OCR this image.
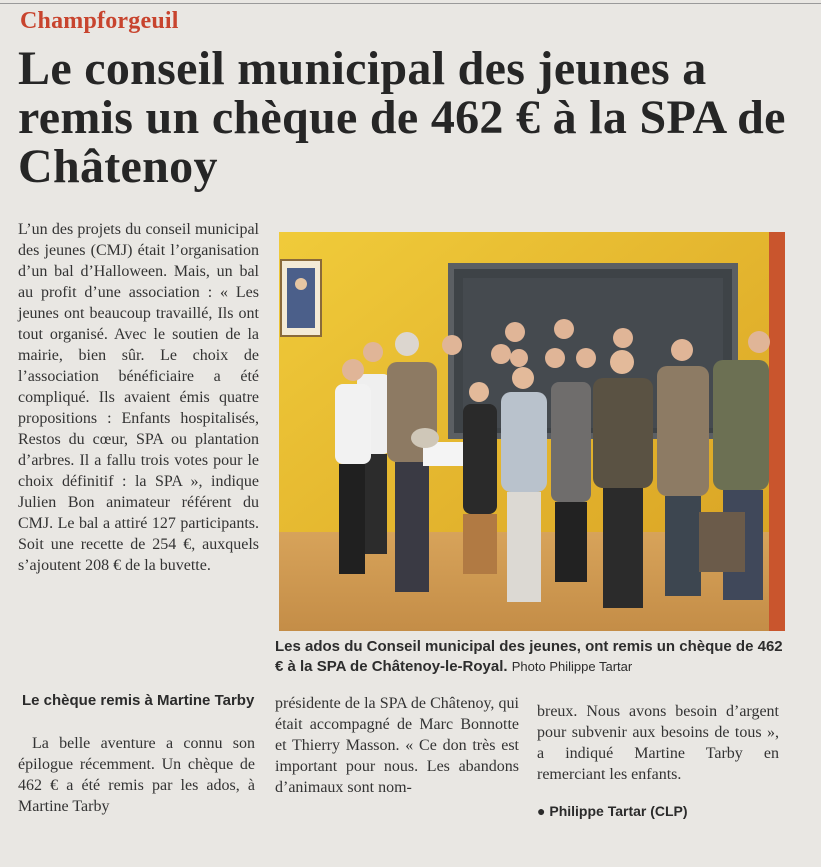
Champforgeuil
Le conseil municipal des jeunes a remis un chèque de 462 € à la SPA de Châtenoy

L’un des projets du conseil municipal des jeunes (CMJ) était l’organisation d’un bal d’Halloween. Mais, un bal au profit d’une association : « Les jeunes ont beaucoup travaillé, Ils ont tout organisé. Avec le soutien de la mairie, bien sûr. Le choix de l’association bénéficiaire a été compliqué. Ils avaient émis quatre propositions : Enfants hospitalisés, Restos du cœur, SPA ou plantation d’arbres. Il a fallu trois votes pour le choix définitif : la SPA », indique Julien Bon animateur référent du CMJ. Le bal a attiré 127 participants. Soit une recette de 254 €, auxquels s’ajoutent 208 € de la buvette.

Les ados du Conseil municipal des jeunes, ont remis un chèque de 462 € à la SPA de Châtenoy-le-Royal. Photo Philippe Tartar
Le chèque remis à Martine Tarby

La belle aventure a connu son épilogue récemment. Un chèque de 462 € a été remis par les ados, à Martine Tarby

présidente de la SPA de Châtenoy, qui était accompagné de Marc Bonnotte et Thierry Masson. « Ce don très est important pour nous. Les abandons d’animaux sont nom-

breux. Nous avons besoin d’argent pour subvenir aux besoins de tous », a indiqué Martine Tarby en remerciant les enfants.

● Philippe Tartar (CLP)
